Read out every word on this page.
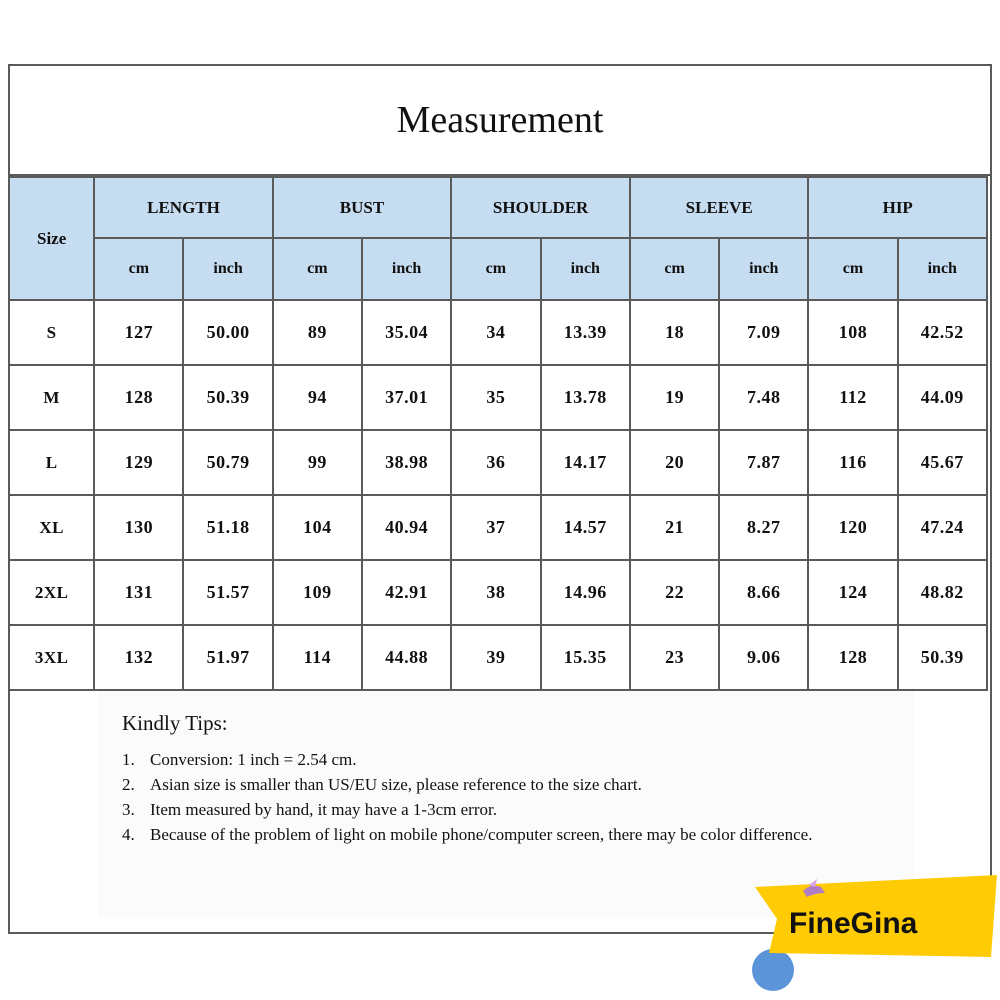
Measurement
Size	LENGTH		BUST		SHOULDER		SLEEVE		HIP	
	cm	inch	cm	inch	cm	inch	cm	inch	cm	inch
S	127	50.00	89	35.04	34	13.39	18	7.09	108	42.52
M	128	50.39	94	37.01	35	13.78	19	7.48	112	44.09
L	129	50.79	99	38.98	36	14.17	20	7.87	116	45.67
XL	130	51.18	104	40.94	37	14.57	21	8.27	120	47.24
2XL	131	51.57	109	42.91	38	14.96	22	8.66	124	48.82
3XL	132	51.97	114	44.88	39	15.35	23	9.06	128	50.39
Kindly Tips:
1. Conversion: 1 inch = 2.54 cm.
2. Asian size is smaller than US/EU size, please reference to the size chart.
3. Item measured by hand, it may have a 1-3cm error.
4. Because of the problem of light on mobile phone/computer screen, there may be color difference.
FineGina
